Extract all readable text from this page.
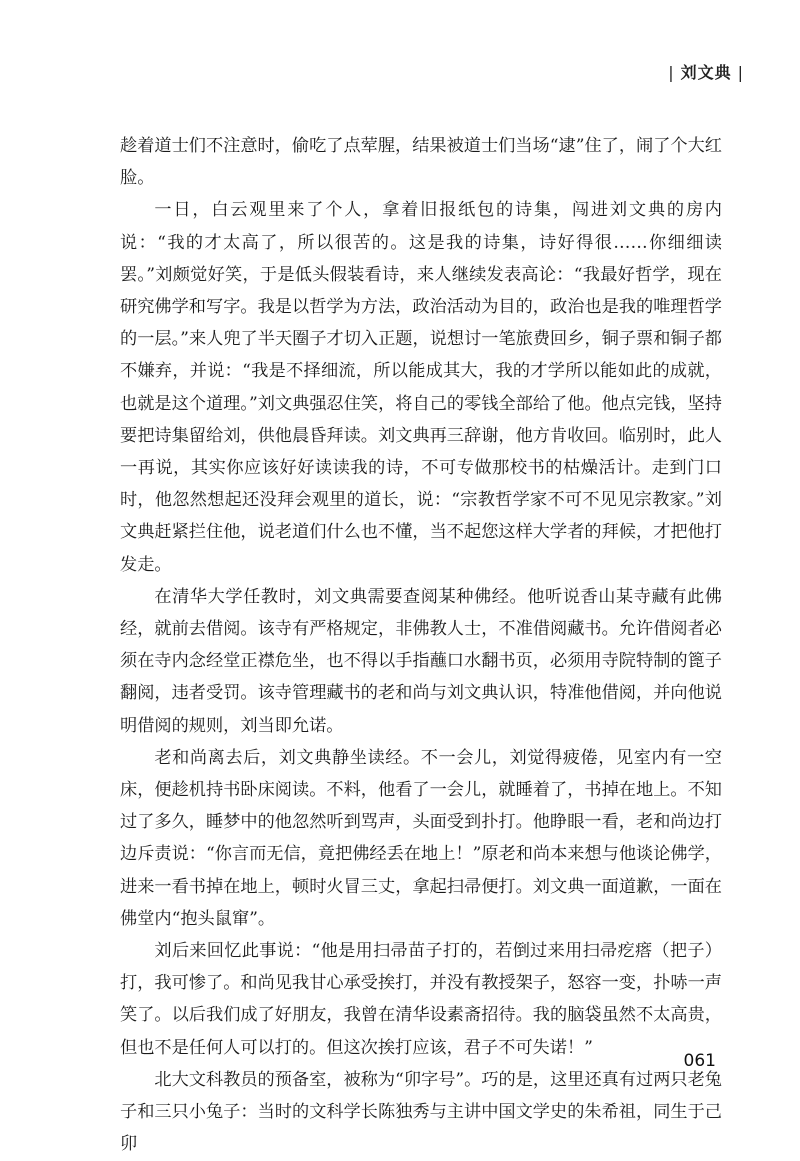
| 刘文典 |

趁着道士们不注意时，偷吃了点荤腥，结果被道士们当场“逮”住了，闹了个大红脸。

一日，白云观里来了个人，拿着旧报纸包的诗集，闯进刘文典的房内说：“我的才太高了，所以很苦的。这是我的诗集，诗好得很……你细细读罢。”刘颇觉好笑，于是低头假装看诗，来人继续发表高论：“我最好哲学，现在研究佛学和写字。我是以哲学为方法，政治活动为目的，政治也是我的唯理哲学的一层。”来人兜了半天圈子才切入正题，说想讨一笔旅费回乡，铜子票和铜子都不嫌弃，并说：“我是不择细流，所以能成其大，我的才学所以能如此的成就，也就是这个道理。”刘文典强忍住笑，将自己的零钱全部给了他。他点完钱，坚持要把诗集留给刘，供他晨昏拜读。刘文典再三辞谢，他方肯收回。临别时，此人一再说，其实你应该好好读读我的诗，不可专做那校书的枯燥活计。走到门口时，他忽然想起还没拜会观里的道长，说：“宗教哲学家不可不见见宗教家。”刘文典赶紧拦住他，说老道们什么也不懂，当不起您这样大学者的拜候，才把他打发走。

在清华大学任教时，刘文典需要查阅某种佛经。他听说香山某寺藏有此佛经，就前去借阅。该寺有严格规定，非佛教人士，不准借阅藏书。允许借阅者必须在寺内念经堂正襟危坐，也不得以手指蘸口水翻书页，必须用寺院特制的篦子翻阅，违者受罚。该寺管理藏书的老和尚与刘文典认识，特准他借阅，并向他说明借阅的规则，刘当即允诺。

老和尚离去后，刘文典静坐读经。不一会儿，刘觉得疲倦，见室内有一空床，便趁机持书卧床阅读。不料，他看了一会儿，就睡着了，书掉在地上。不知过了多久，睡梦中的他忽然听到骂声，头面受到扑打。他睁眼一看，老和尚边打边斥责说：“你言而无信，竟把佛经丢在地上！”原老和尚本来想与他谈论佛学，进来一看书掉在地上，顿时火冒三丈，拿起扫帚便打。刘文典一面道歉，一面在佛堂内“抱头鼠窜”。

刘后来回忆此事说：“他是用扫帚苗子打的，若倒过来用扫帚疙瘩（把子）打，我可惨了。和尚见我甘心承受挨打，并没有教授架子，怒容一变，扑哧一声笑了。以后我们成了好朋友，我曾在清华设素斋招待。我的脑袋虽然不太高贵，但也不是任何人可以打的。但这次挨打应该，君子不可失诺！”

北大文科教员的预备室，被称为“卯字号”。巧的是，这里还真有过两只老兔子和三只小兔子：当时的文科学长陈独秀与主讲中国文学史的朱希祖，同生于己卯

061
